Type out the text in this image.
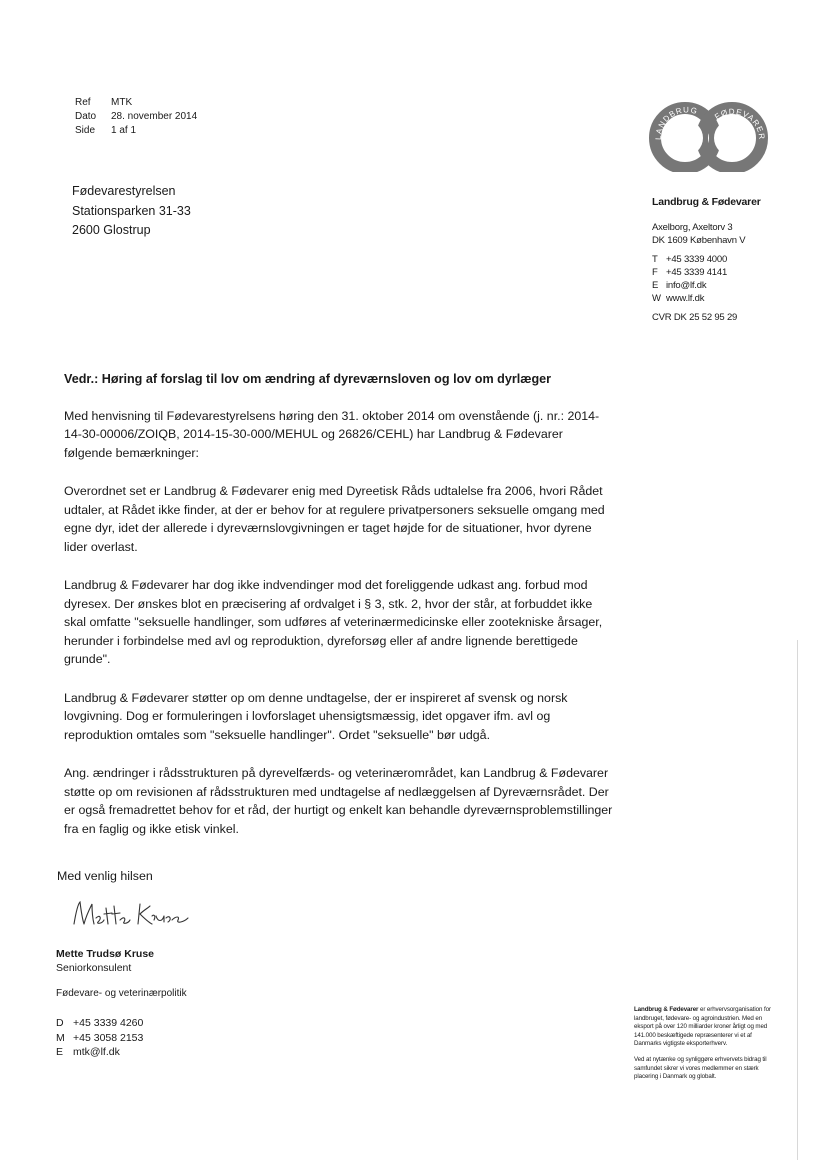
Ref	MTK
Dato	28. november 2014
Side	1 af 1
Fødevarestyrelsen
Stationsparken 31-33
2600 Glostrup
LANDBRUG FØDEVARER
Landbrug & Fødevarer
Axelborg, Axeltorv 3
DK 1609 København V
T +45 3339 4000
F +45 3339 4141
E info@lf.dk
W www.lf.dk
CVR DK 25 52 95 29
Vedr.: Høring af forslag til lov om ændring af dyreværnsloven og lov om dyrlæger

Med henvisning til Fødevarestyrelsens høring den 31. oktober 2014 om ovenstående (j. nr.: 2014-14-30-00006/ZOIQB, 2014-15-30-000/MEHUL og 26826/CEHL) har Landbrug & Fødevarer følgende bemærkninger:

Overordnet set er Landbrug & Fødevarer enig med Dyreetisk Råds udtalelse fra 2006, hvori Rådet udtaler, at Rådet ikke finder, at der er behov for at regulere privatpersoners seksuelle omgang med egne dyr, idet der allerede i dyreværnslovgivningen er taget højde for de situationer, hvor dyrene lider overlast.

Landbrug & Fødevarer har dog ikke indvendinger mod det foreliggende udkast ang. forbud mod dyresex. Der ønskes blot en præcisering af ordvalget i § 3, stk. 2, hvor der står, at forbuddet ikke skal omfatte "seksuelle handlinger, som udføres af veterinærmedicinske eller zootekniske årsager, herunder i forbindelse med avl og reproduktion, dyreforsøg eller af andre lignende berettigede grunde".

Landbrug & Fødevarer støtter op om denne undtagelse, der er inspireret af svensk og norsk lovgivning. Dog er formuleringen i lovforslaget uhensigtsmæssig, idet opgaver ifm. avl og reproduktion omtales som "seksuelle handlinger". Ordet "seksuelle" bør udgå.

Ang. ændringer i rådsstrukturen på dyrevelfærds- og veterinærområdet, kan Landbrug & Fødevarer støtte op om revisionen af rådsstrukturen med undtagelse af nedlæggelsen af Dyreværnsrådet. Der er også fremadrettet behov for et råd, der hurtigt og enkelt kan behandle dyreværnsproblemstillinger fra en faglig og ikke etisk vinkel.

Med venlig hilsen
Mette Trudsø Kruse
Seniorkonsulent
Fødevare- og veterinærpolitik
D +45 3339 4260
M +45 3058 2153
E mtk@lf.dk

Landbrug & Fødevarer er erhvervsorganisation for landbruget, fødevare- og agroindustrien. Med en eksport på over 120 milliarder kroner årligt og med 141.000 beskæftigede repræsenterer vi et af Danmarks vigtigste eksporterhverv.

Ved at nytænke og synliggøre erhvervets bidrag til samfundet sikrer vi vores medlemmer en stærk placering i Danmark og globalt.
